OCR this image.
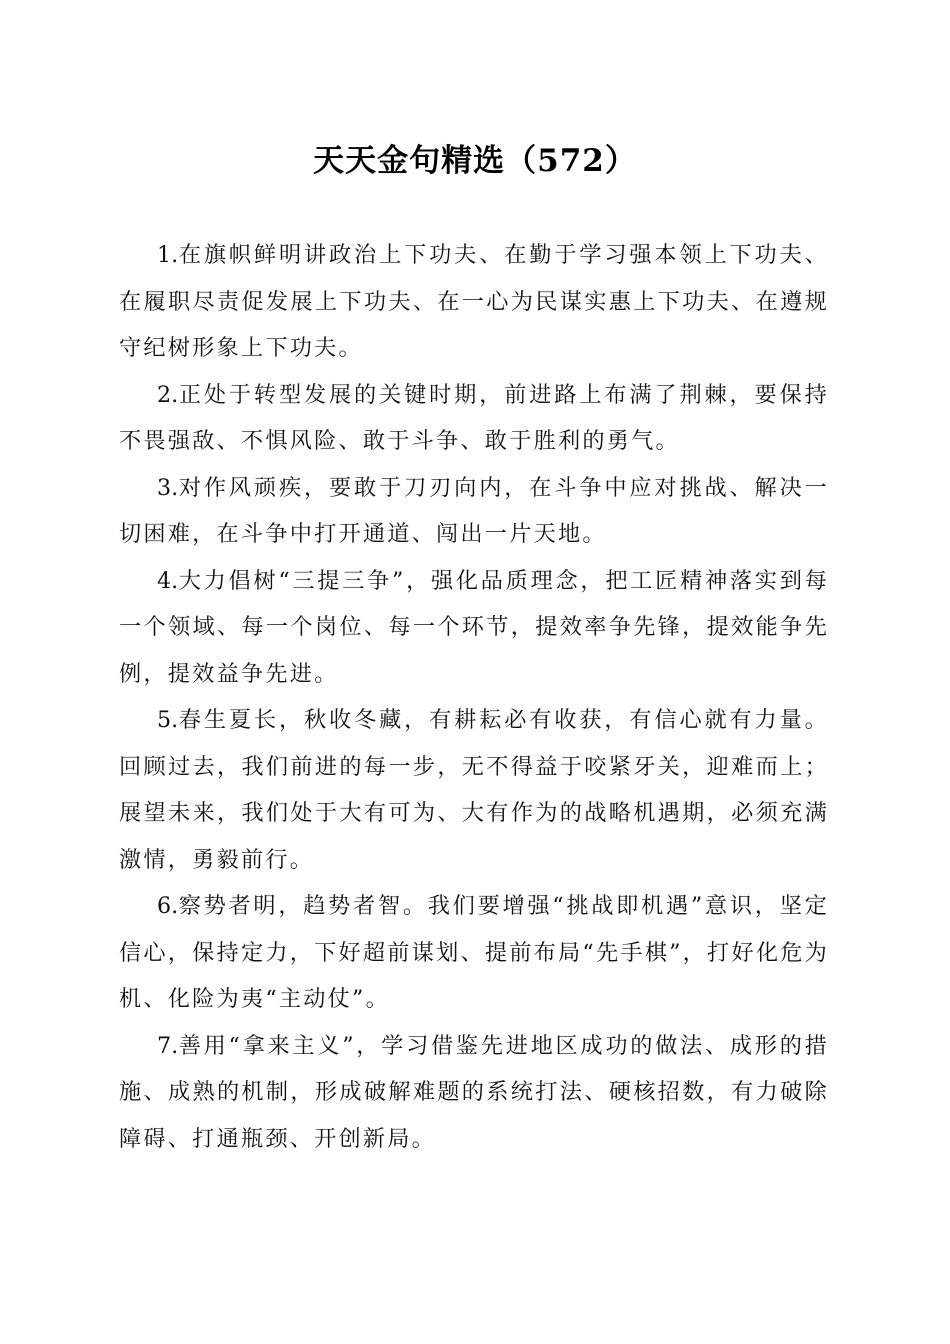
天天金句精选（572）

1.在旗帜鲜明讲政治上下功夫、在勤于学习强本领上下功夫、在履职尽责促发展上下功夫、在一心为民谋实惠上下功夫、在遵规守纪树形象上下功夫。

2.正处于转型发展的关键时期，前进路上布满了荆棘，要保持不畏强敌、不惧风险、敢于斗争、敢于胜利的勇气。

3.对作风顽疾，要敢于刀刃向内，在斗争中应对挑战、解决一切困难，在斗争中打开通道、闯出一片天地。

4.大力倡树“三提三争”，强化品质理念，把工匠精神落实到每一个领域、每一个岗位、每一个环节，提效率争先锋，提效能争先例，提效益争先进。

5.春生夏长，秋收冬藏，有耕耘必有收获，有信心就有力量。回顾过去，我们前进的每一步，无不得益于咬紧牙关，迎难而上；展望未来，我们处于大有可为、大有作为的战略机遇期，必须充满激情，勇毅前行。

6.察势者明，趋势者智。我们要增强“挑战即机遇”意识，坚定信心，保持定力，下好超前谋划、提前布局“先手棋”，打好化危为机、化险为夷“主动仗”。

7.善用“拿来主义”，学习借鉴先进地区成功的做法、成形的措施、成熟的机制，形成破解难题的系统打法、硬核招数，有力破除障碍、打通瓶颈、开创新局。
